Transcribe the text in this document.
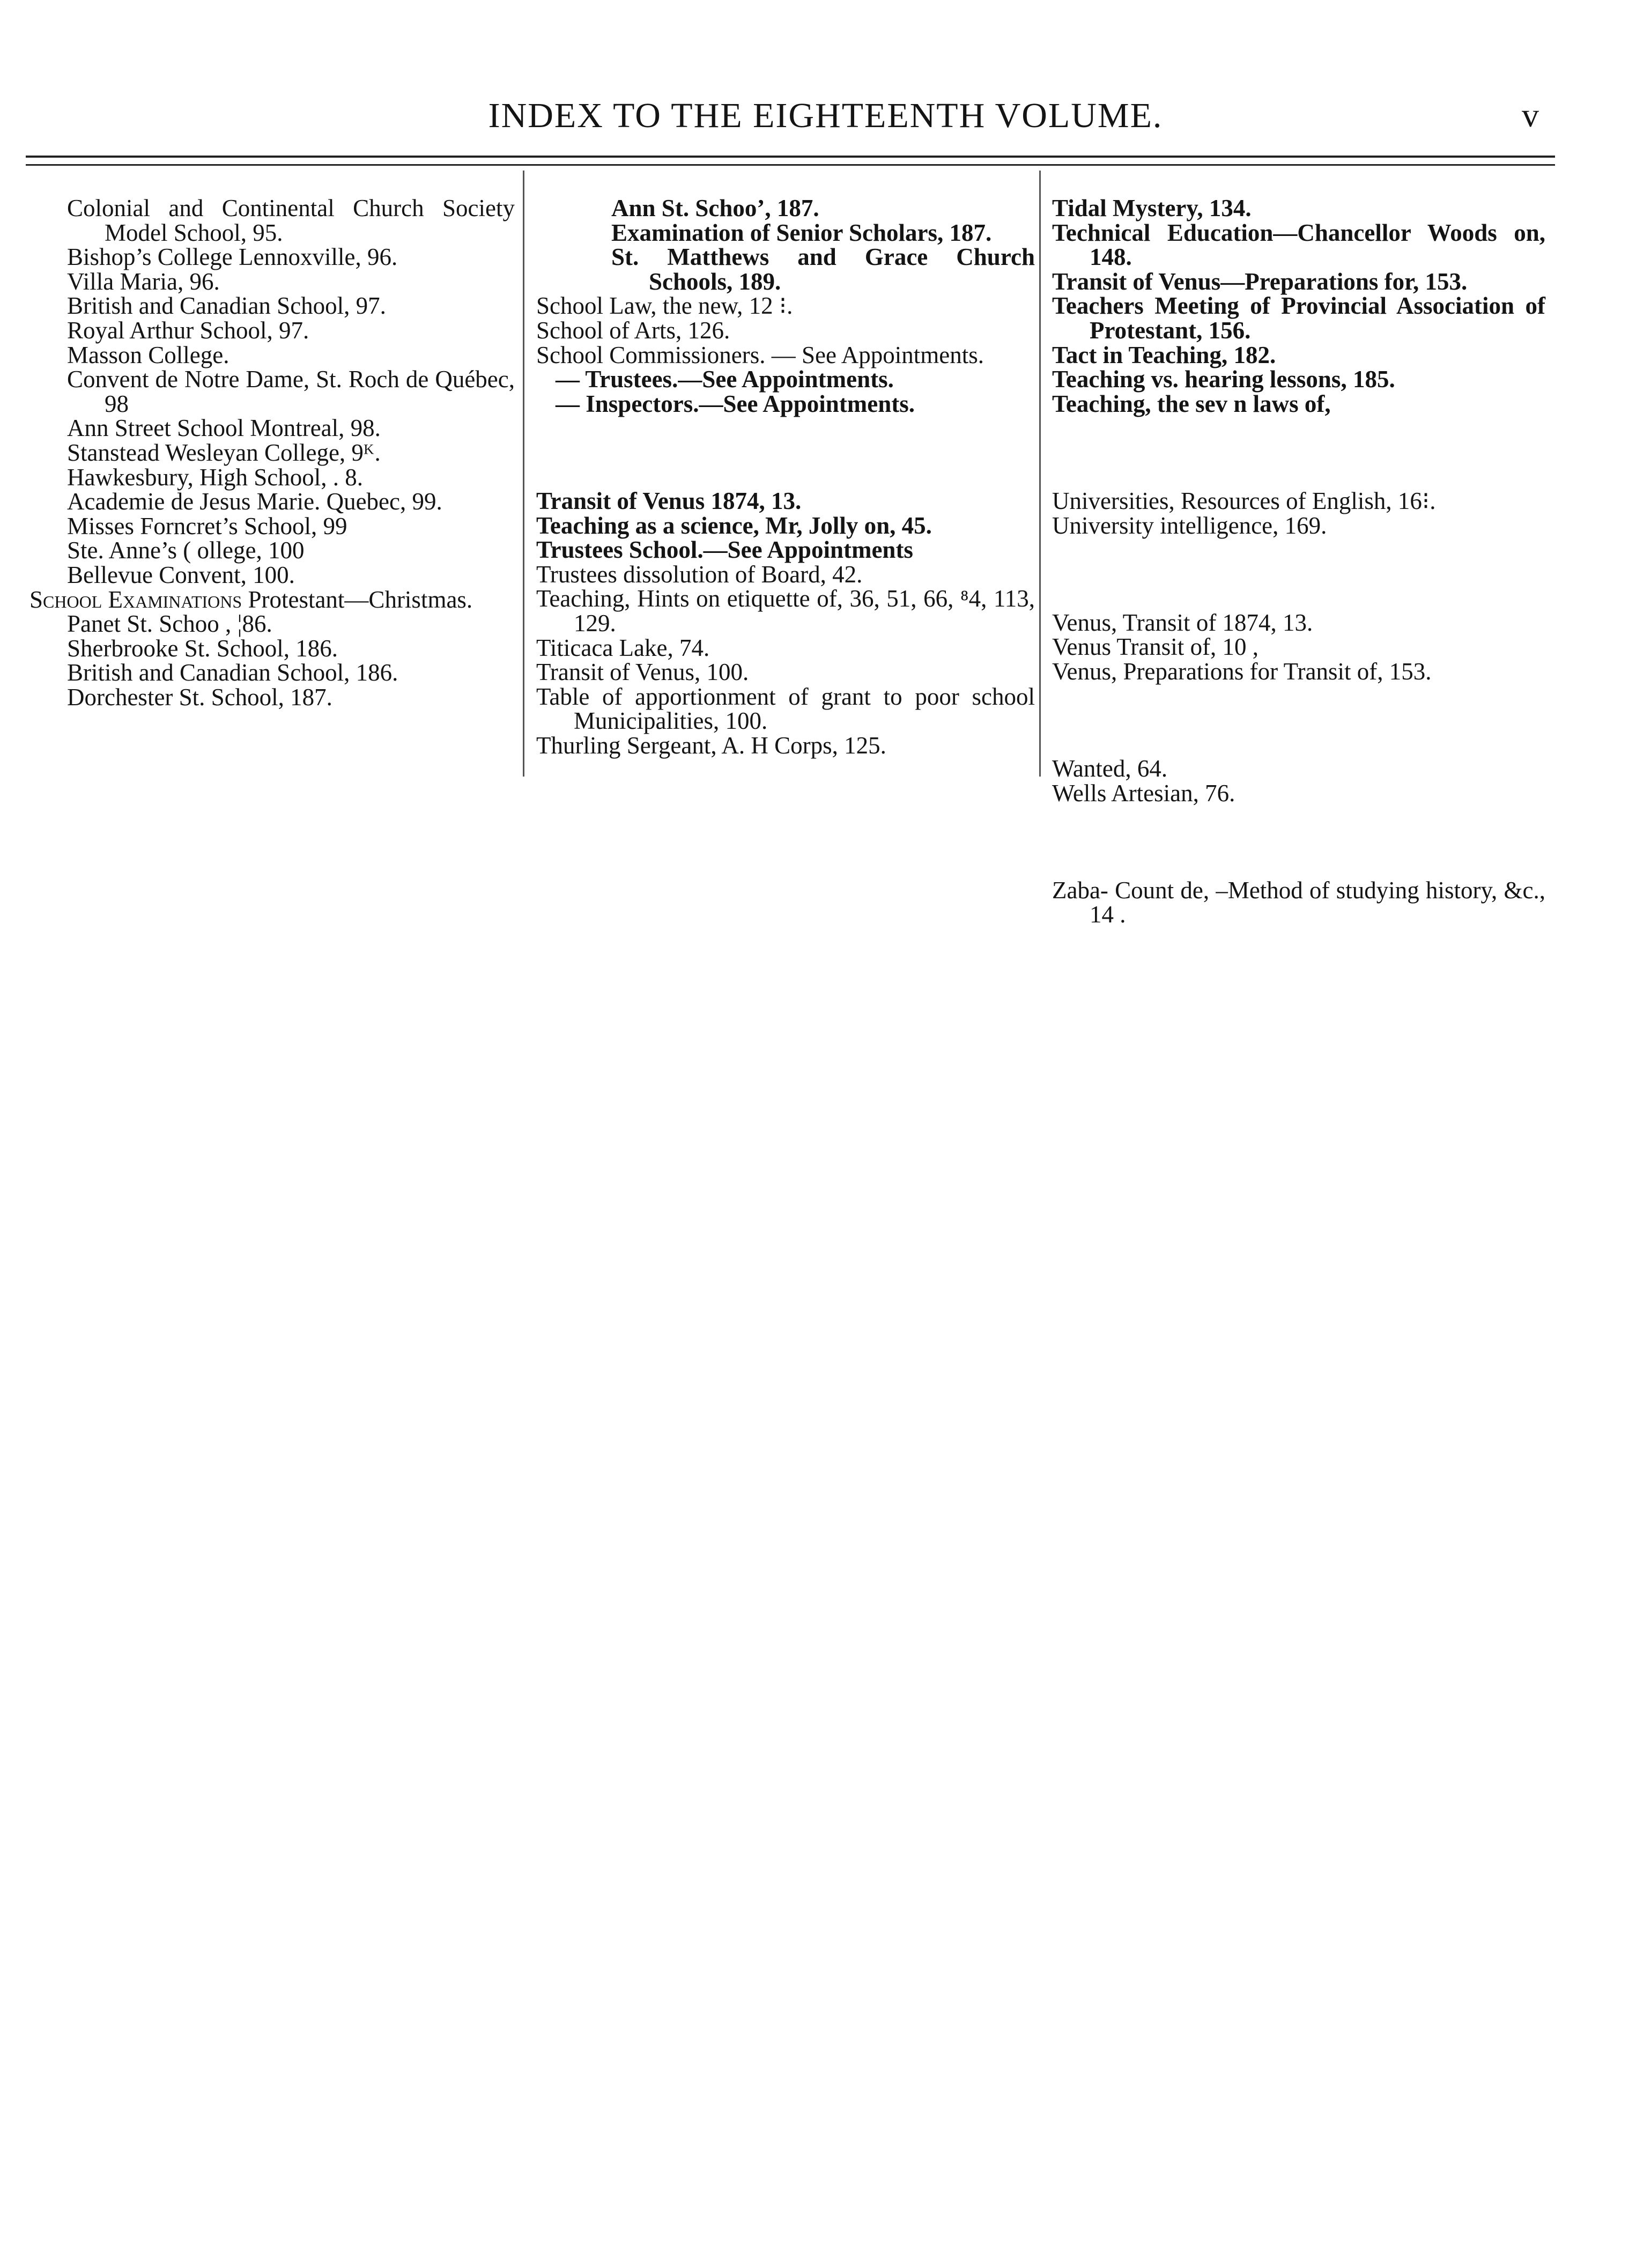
INDEX TO THE EIGHTEENTH VOLUME.	v

Colonial and Continental Church Society Model School, 95.

Bishop’s College Lennoxville, 96.

Villa Maria, 96.

British and Canadian School, 97.

Royal Arthur School, 97.

Masson College.

Convent de Notre Dame, St. Roch de Québec, 98

Ann Street School Montreal, 98.

Stanstead Wesleyan College, 9ᴷ.

Hawkesbury, High School, . 8.

Academie de Jesus Marie. Quebec, 99.

Misses Forncret’s School, 99

Ste. Anne’s ( ollege, 100

Bellevue Convent, 100.

School Examinations Protestant—Christmas.

Panet St. Schoo , ¦86.

Sherbrooke St. School, 186.

British and Canadian School, 186.

Dorchester St. School, 187.

Ann St. Schoo’, 187.

Examination of Senior Scholars, 187.

St. Matthews and Grace Church Schools, 189.

School Law, the new, 12 ⁝.

School of Arts, 126.

School Commissioners. — See Appointments.

— Trustees.—See Appointments.

— Inspectors.—See Appointments.

Transit of Venus 1874, 13.

Teaching as a science, Mr, Jolly on, 45.

Trustees School.—See Appointments

Trustees dissolution of Board, 42.

Teaching, Hints on etiquette of, 36, 51, 66, ⁸4, 113, 129.

Titicaca Lake, 74.

Transit of Venus, 100.

Table of apportionment of grant to poor school Municipalities, 100.

Thurling Sergeant, A. H Corps, 125.

Tidal Mystery, 134.

Technical Education—Chancellor Woods on, 148.

Transit of Venus—Preparations for, 153.

Teachers Meeting of Provincial Association of Protestant, 156.

Tact in Teaching, 182.

Teaching vs. hearing lessons, 185.

Teaching, the sev n laws of,

Universities, Resources of English, 16⁝.

University intelligence, 169.

Venus, Transit of 1874, 13.

Venus Transit of, 10 ,

Venus, Preparations for Transit of, 153.

Wanted, 64.

Wells Artesian, 76.

Zaba- Count de, –Method of studying history, &c., 14 .
